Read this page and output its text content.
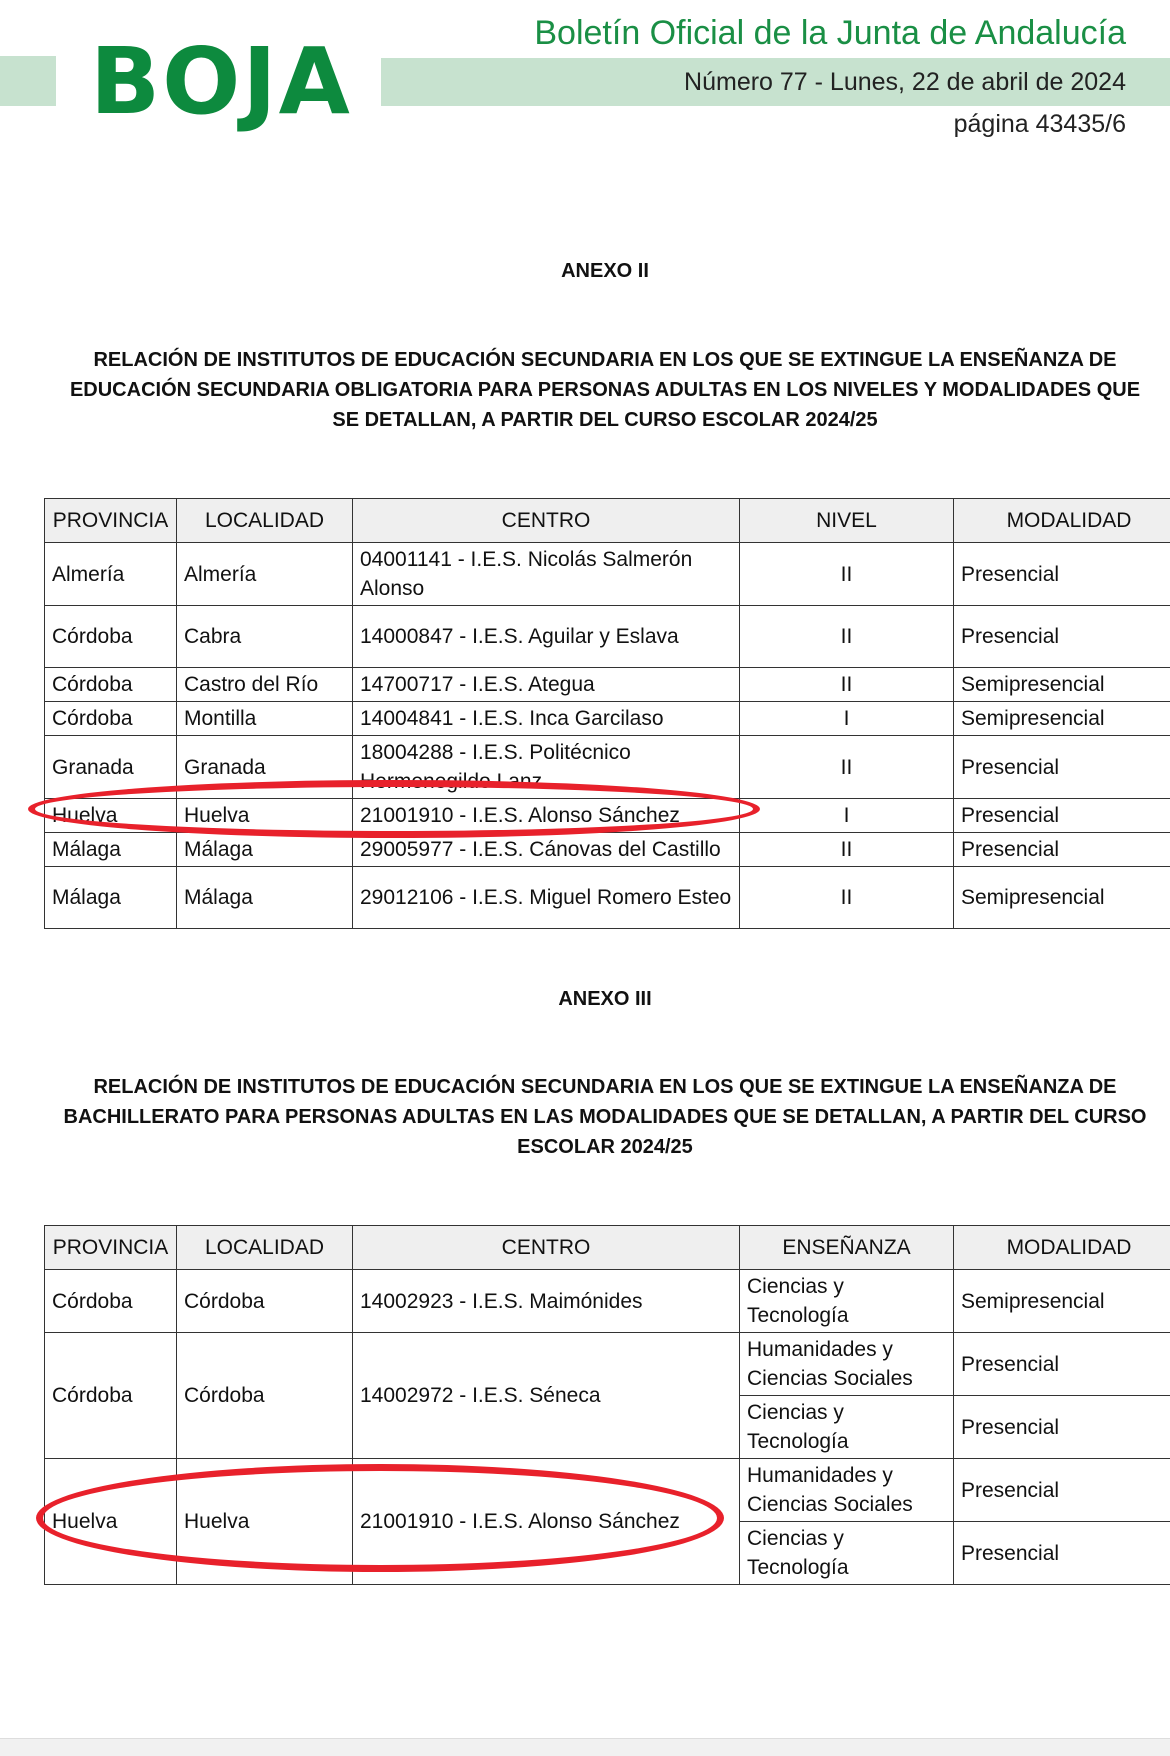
BOJA	Boletín Oficial de la Junta de Andalucía
Número 77 - Lunes, 22 de abril de 2024
página 43435/6
ANEXO II
RELACIÓN DE INSTITUTOS DE EDUCACIÓN SECUNDARIA EN LOS QUE SE EXTINGUE LA ENSEÑANZA DE
EDUCACIÓN SECUNDARIA OBLIGATORIA PARA PERSONAS ADULTAS EN LOS NIVELES Y MODALIDADES QUE
SE DETALLAN, A PARTIR DEL CURSO ESCOLAR 2024/25
PROVINCIA	LOCALIDAD	CENTRO	NIVEL	MODALIDAD
Almería	Almería	04001141 - I.E.S. Nicolás Salmerón Alonso	II	Presencial
Córdoba	Cabra	14000847 - I.E.S. Aguilar y Eslava	II	Presencial
Córdoba	Castro del Río	14700717 - I.E.S. Ategua	II	Semipresencial
Córdoba	Montilla	14004841 - I.E.S. Inca Garcilaso	I	Semipresencial
Granada	Granada	18004288 - I.E.S. Politécnico Hermenegildo Lanz	II	Presencial
Huelva	Huelva	21001910 - I.E.S. Alonso Sánchez	I	Presencial
Málaga	Málaga	29005977 - I.E.S. Cánovas del Castillo	II	Presencial
Málaga	Málaga	29012106 - I.E.S. Miguel Romero Esteo	II	Semipresencial
ANEXO III
RELACIÓN DE INSTITUTOS DE EDUCACIÓN SECUNDARIA EN LOS QUE SE EXTINGUE LA ENSEÑANZA DE
BACHILLERATO PARA PERSONAS ADULTAS EN LAS MODALIDADES QUE SE DETALLAN, A PARTIR DEL CURSO
ESCOLAR 2024/25
PROVINCIA	LOCALIDAD	CENTRO	ENSEÑANZA	MODALIDAD
Córdoba	Córdoba	14002923 - I.E.S. Maimónides	Ciencias y Tecnología	Semipresencial
Córdoba	Córdoba	14002972 - I.E.S. Séneca	Humanidades y Ciencias Sociales	Presencial
			Ciencias y Tecnología	Presencial
Huelva	Huelva	21001910 - I.E.S. Alonso Sánchez	Humanidades y Ciencias Sociales	Presencial
			Ciencias y Tecnología	Presencial
